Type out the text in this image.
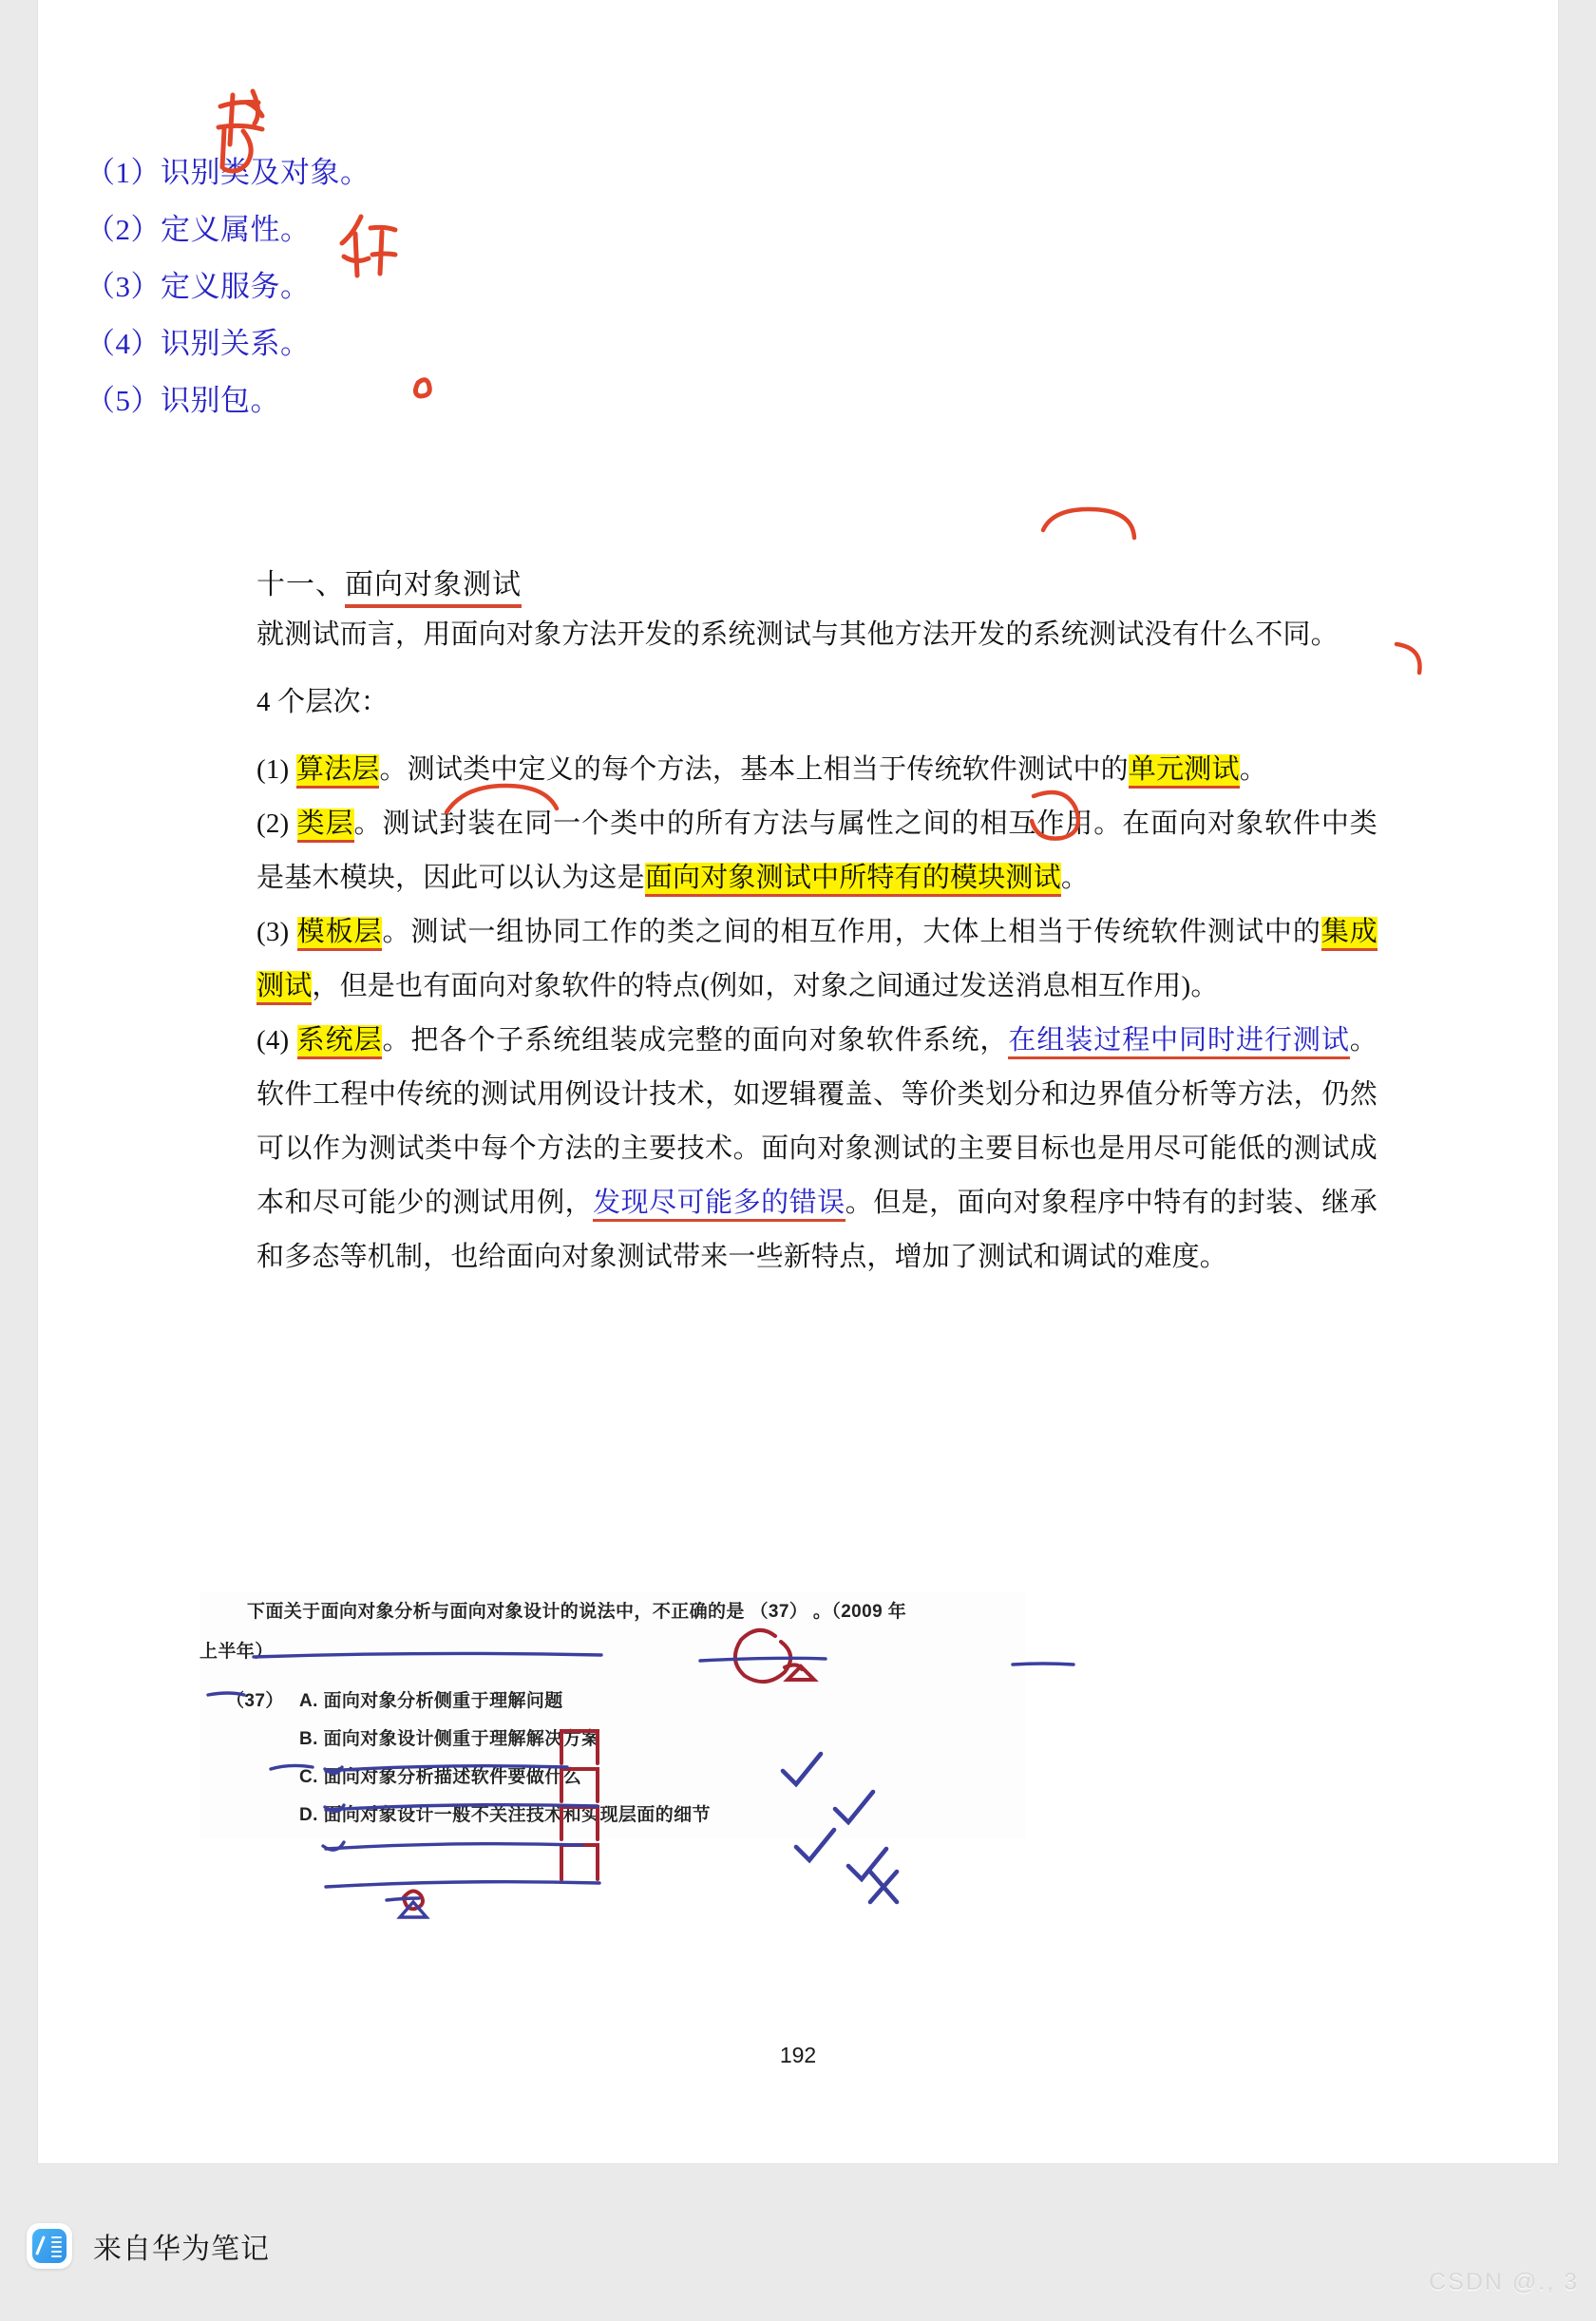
（1）识别类及对象。
（2）定义属性。
（3）定义服务。
（4）识别关系。
（5）识别包。
十一、面向对象测试

就测试而言，用面向对象方法开发的系统测试与其他方法开发的系统测试没有什么不同。

4 个层次：

(1) 算法层。测试类中定义的每个方法，基本上相当于传统软件测试中的单元测试。

(2) 类层。测试封装在同一个类中的所有方法与属性之间的相互作用。在面向对象软件中类是基木模块，因此可以认为这是面向对象测试中所特有的模块测试。

(3) 模板层。测试一组协同工作的类之间的相互作用，大体上相当于传统软件测试中的集成测试，但是也有面向对象软件的特点(例如，对象之间通过发送消息相互作用)。

(4) 系统层。把各个子系统组装成完整的面向对象软件系统，在组装过程中同时进行测试。软件工程中传统的测试用例设计技术，如逻辑覆盖、等价类划分和边界值分析等方法，仍然可以作为测试类中每个方法的主要技术。面向对象测试的主要目标也是用尽可能低的测试成本和尽可能少的测试用例，发现尽可能多的错误。但是，面向对象程序中特有的封装、继承和多态等机制，也给面向对象测试带来一些新特点，增加了测试和调试的难度。

下面关于面向对象分析与面向对象设计的说法中，不正确的是 （37） 。（2009 年
上半年）
（37） A. 面向对象分析侧重于理解问题
B. 面向对象设计侧重于理解解决方案
C. 面向对象分析描述软件要做什么
D. 面向对象设计一般不关注技术和实现层面的细节
192
来自华为笔记
CSDN @., 3
